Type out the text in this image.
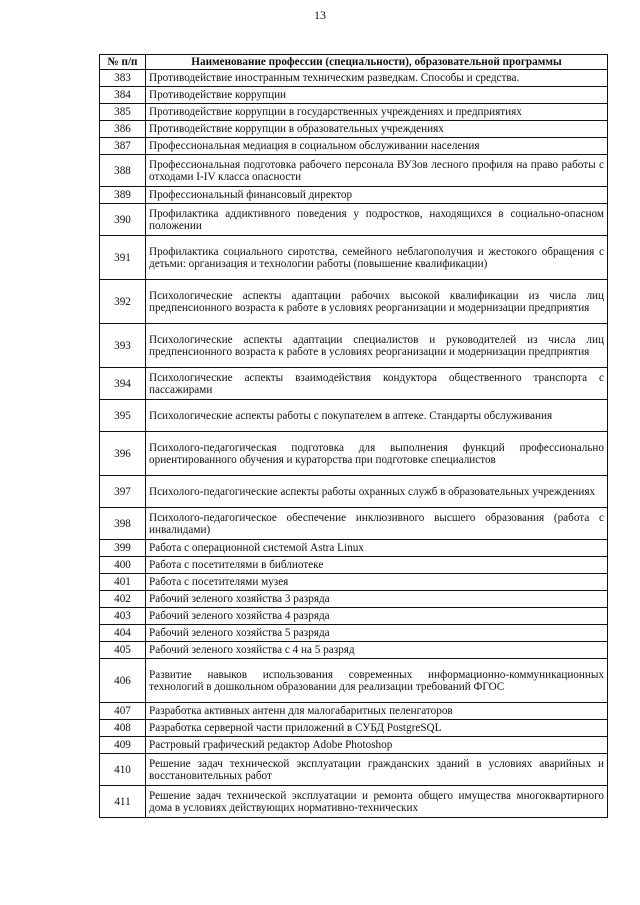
13
№ п/п	Наименование профессии (специальности), образовательной программы
383	Противодействие иностранным техническим разведкам. Способы и средства.
384	Противодействие коррупции
385	Противодействие коррупции в государственных учреждениях и предприятиях
386	Противодействие коррупции в образовательных учреждениях
387	Профессиональная медиация в социальном обслуживании населения
388	Профессиональная подготовка рабочего персонала ВУЗов лесного профиля на право работы с отходами I-IV класса опасности
389	Профессиональный финансовый директор
390	Профилактика аддиктивного поведения у подростков, находящихся в социально-опасном положении
391	Профилактика социального сиротства, семейного неблагополучия и жестокого обращения с детьми: организация и технологии работы (повышение квалификации)
392	Психологические аспекты адаптации рабочих высокой квалификации из числа лиц предпенсионного возраста к работе в условиях реорганизации и модернизации предприятия
393	Психологические аспекты адаптации специалистов и руководителей из числа лиц предпенсионного возраста к работе в условиях реорганизации и модернизации предприятия
394	Психологические аспекты взаимодействия кондуктора общественного транспорта с пассажирами
395	Психологические аспекты работы с покупателем в аптеке. Стандарты обслуживания
396	Психолого-педагогическая подготовка для выполнения функций профессионально ориентированного обучения и кураторства при подготовке специалистов
397	Психолого-педагогические аспекты работы охранных служб в образовательных учреждениях
398	Психолого-педагогическое обеспечение инклюзивного высшего образования (работа с инвалидами)
399	Работа с операционной системой Astra Linux
400	Работа с посетителями в библиотеке
401	Работа с посетителями музея
402	Рабочий зеленого хозяйства 3 разряда
403	Рабочий зеленого хозяйства 4 разряда
404	Рабочий зеленого хозяйства 5 разряда
405	Рабочий зеленого хозяйства с 4 на 5 разряд
406	Развитие навыков использования современных информационно-коммуникационных технологий в дошкольном образовании для реализации требований ФГОС
407	Разработка активных антенн для малогабаритных пеленгаторов
408	Разработка серверной части приложений в СУБД PostgreSQL
409	Растровый графический редактор Adobe Photoshop
410	Решение задач технической эксплуатации гражданских зданий в условиях аварийных и восстановительных работ
411	Решение задач технической эксплуатации и ремонта общего имущества многоквартирного дома в условиях действующих нормативно-технических
